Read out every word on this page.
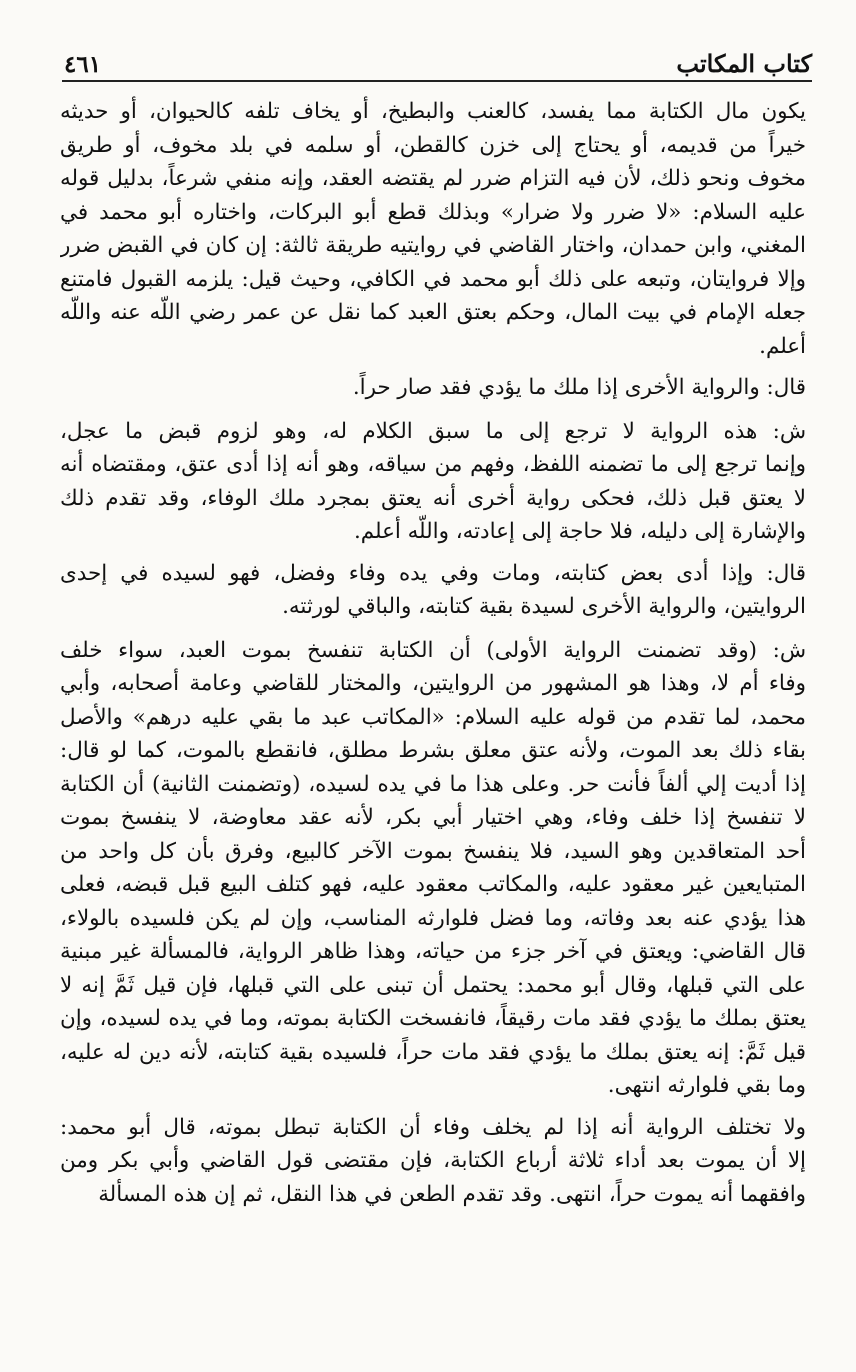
كتاب المكاتب
٤٦١
يكون مال الكتابة مما يفسد، كالعنب والبطيخ، أو يخاف تلفه كالحيوان، أو حديثه
خيراً من قديمه، أو يحتاج إلى خزن كالقطن، أو سلمه في بلد مخوف، أو طريق
مخوف ونحو ذلك، لأن فيه التزام ضرر لم يقتضه العقد، وإنه منفي شرعاً، بدليل قوله
عليه السلام: «لا ضرر ولا ضرار» وبذلك قطع أبو البركات، واختاره أبو محمد في
المغني، وابن حمدان، واختار القاضي في روايتيه طريقة ثالثة: إن كان في القبض ضرر
وإلا فروايتان، وتبعه على ذلك أبو محمد في الكافي، وحيث قيل: يلزمه القبول فامتنع
جعله الإمام في بيت المال، وحكم بعتق العبد كما نقل عن عمر رضي اللّه عنه واللّه
أعلم.
قال: والرواية الأخرى إذا ملك ما يؤدي فقد صار حراً.
ش: هذه الرواية لا ترجع إلى ما سبق الكلام له، وهو لزوم قبض ما عجل،
وإنما ترجع إلى ما تضمنه اللفظ، وفهم من سياقه، وهو أنه إذا أدى عتق، ومقتضاه أنه
لا يعتق قبل ذلك، فحكى رواية أخرى أنه يعتق بمجرد ملك الوفاء، وقد تقدم ذلك
والإشارة إلى دليله، فلا حاجة إلى إعادته، واللّه أعلم.
قال: وإذا أدى بعض كتابته، ومات وفي يده وفاء وفضل، فهو لسيده في إحدى
الروايتين، والرواية الأخرى لسيدة بقية كتابته، والباقي لورثته.
ش: (وقد تضمنت الرواية الأولى) أن الكتابة تنفسخ بموت العبد، سواء خلف
وفاء أم لا، وهذا هو المشهور من الروايتين، والمختار للقاضي وعامة أصحابه، وأبي
محمد، لما تقدم من قوله عليه السلام: «المكاتب عبد ما بقي عليه درهم» والأصل
بقاء ذلك بعد الموت، ولأنه عتق معلق بشرط مطلق، فانقطع بالموت، كما لو قال:
إذا أديت إلي ألفاً فأنت حر. وعلى هذا ما في يده لسيده، (وتضمنت الثانية) أن الكتابة
لا تنفسخ إذا خلف وفاء، وهي اختيار أبي بكر، لأنه عقد معاوضة، لا ينفسخ بموت
أحد المتعاقدين وهو السيد، فلا ينفسخ بموت الآخر كالبيع، وفرق بأن كل واحد من
المتبايعين غير معقود عليه، والمكاتب معقود عليه، فهو كتلف البيع قبل قبضه، فعلى
هذا يؤدي عنه بعد وفاته، وما فضل فلوارثه المناسب، وإن لم يكن فلسيده بالولاء،
قال القاضي: ويعتق في آخر جزء من حياته، وهذا ظاهر الرواية، فالمسألة غير مبنية
على التي قبلها، وقال أبو محمد: يحتمل أن تبنى على التي قبلها، فإن قيل ثَمَّ إنه لا
يعتق بملك ما يؤدي فقد مات رقيقاً، فانفسخت الكتابة بموته، وما في يده لسيده، وإن
قيل ثَمَّ: إنه يعتق بملك ما يؤدي فقد مات حراً، فلسيده بقية كتابته، لأنه دين له عليه،
وما بقي فلوارثه انتهى.
ولا تختلف الرواية أنه إذا لم يخلف وفاء أن الكتابة تبطل بموته، قال أبو محمد:
إلا أن يموت بعد أداء ثلاثة أرباع الكتابة، فإن مقتضى قول القاضي وأبي بكر ومن
وافقهما أنه يموت حراً، انتهى. وقد تقدم الطعن في هذا النقل، ثم إن هذه المسألة
